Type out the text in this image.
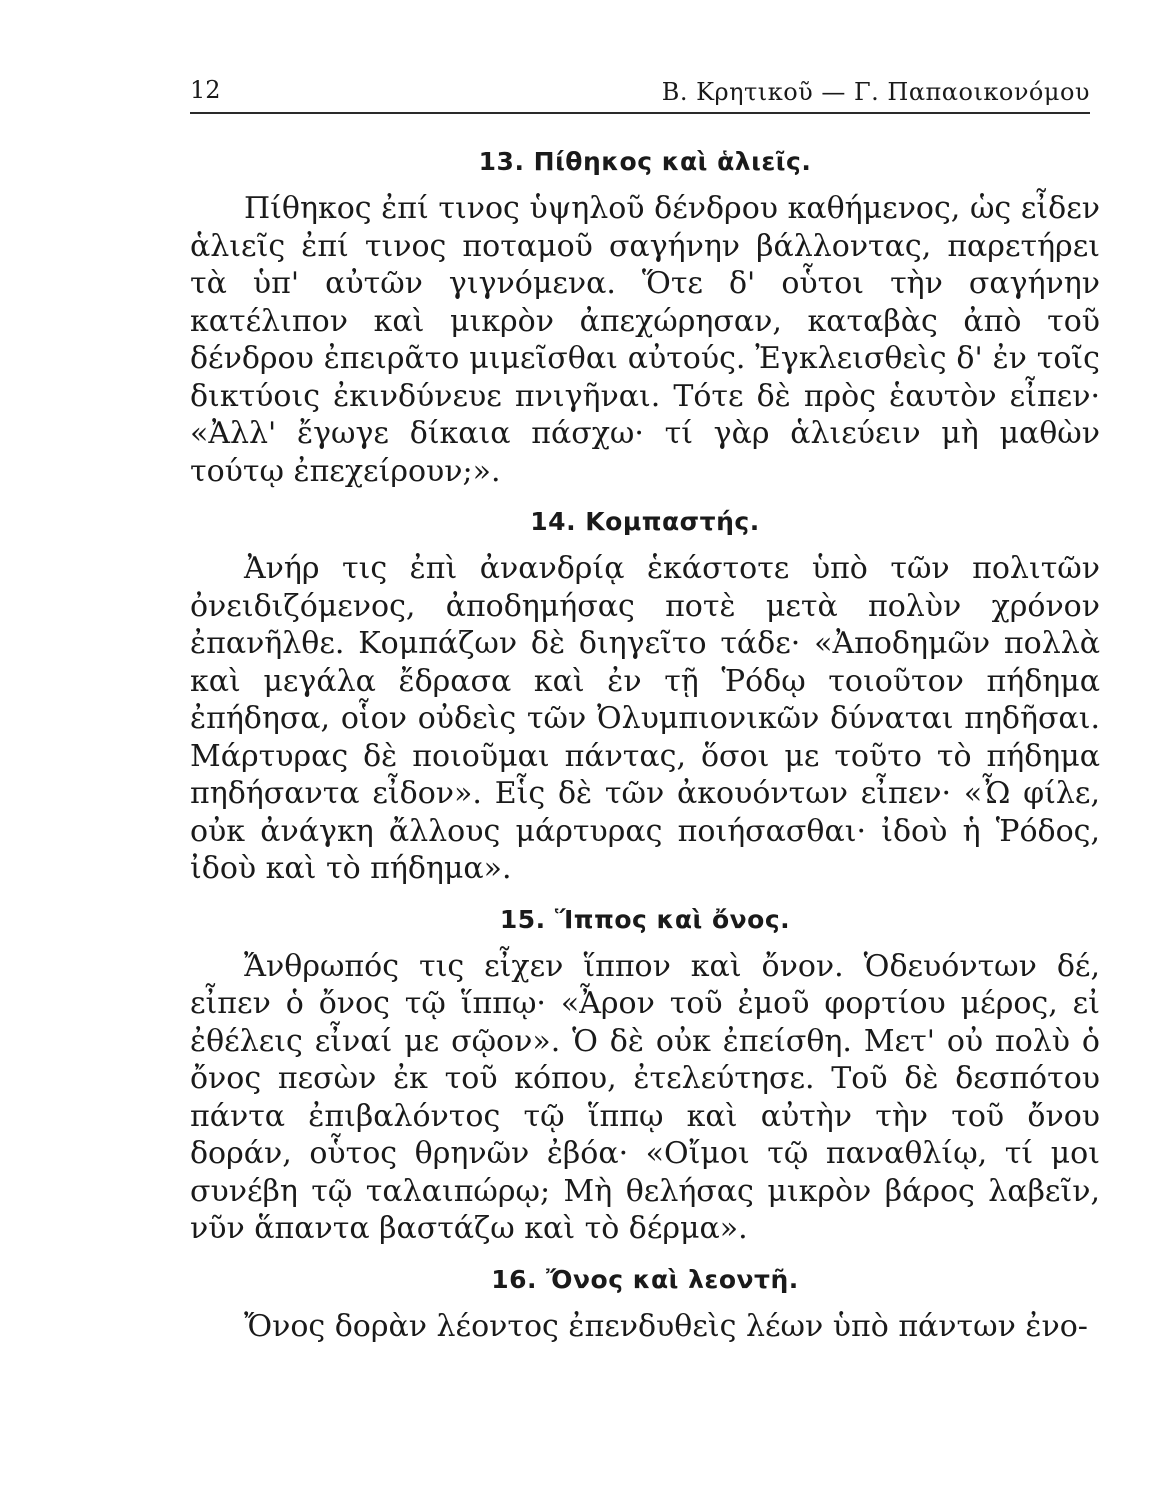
12	Β. Κρητικοῦ — Γ. Παπαοικονόμου
13. Πίθηκος καὶ ἁλιεῖς.

Πίθηκος ἐπί τινος ὑψηλοῦ δένδρου καθήμενος, ὡς εἶδεν ἁλιεῖς ἐπί τινος ποταμοῦ σαγήνην βάλλοντας, παρετήρει τὰ ὑπ' αὐτῶν γιγνόμενα. Ὅτε δ' οὗτοι τὴν σαγήνην κατέλιπον καὶ μικρὸν ἀπεχώρησαν, καταβὰς ἀπὸ τοῦ δένδρου ἐπειρᾶτο μιμεῖσθαι αὐτούς. Ἐγκλεισθεὶς δ' ἐν τοῖς δικτύοις ἐκινδύνευε πνιγῆναι. Τότε δὲ πρὸς ἑαυτὸν εἶπεν· «Ἀλλ' ἔγωγε δίκαια πάσχω· τί γὰρ ἁλιεύειν μὴ μαθὼν τούτῳ ἐπεχείρουν;».

14. Κομπαστής.

Ἀνήρ τις ἐπὶ ἀνανδρίᾳ ἑκάστοτε ὑπὸ τῶν πολιτῶν ὀνειδιζόμενος, ἀποδημήσας ποτὲ μετὰ πολὺν χρόνον ἐπανῆλθε. Κομπάζων δὲ διηγεῖτο τάδε· «Ἀποδημῶν πολλὰ καὶ μεγάλα ἔδρασα καὶ ἐν τῇ Ῥόδῳ τοιοῦτον πήδημα ἐπήδησα, οἷον οὐδεὶς τῶν Ὀλυμπιονικῶν δύναται πηδῆσαι. Μάρτυρας δὲ ποιοῦμαι πάντας, ὅσοι με τοῦτο τὸ πήδημα πηδήσαντα εἶδον». Εἷς δὲ τῶν ἀκουόντων εἶπεν· «Ὦ φίλε, οὐκ ἀνάγκη ἄλλους μάρτυρας ποιήσασθαι· ἰδοὺ ἡ Ῥόδος, ἰδοὺ καὶ τὸ πήδημα».

15. Ἵππος καὶ ὄνος.

Ἄνθρωπός τις εἶχεν ἵππον καὶ ὄνον. Ὁδευόντων δέ, εἶπεν ὁ ὄνος τῷ ἵππῳ· «Ἆρον τοῦ ἐμοῦ φορτίου μέρος, εἰ ἐθέλεις εἶναί με σῷον». Ὁ δὲ οὐκ ἐπείσθη. Μετ' οὐ πολὺ ὁ ὄνος πεσὼν ἐκ τοῦ κόπου, ἐτελεύτησε. Τοῦ δὲ δεσπότου πάντα ἐπιβαλόντος τῷ ἵππῳ καὶ αὐτὴν τὴν τοῦ ὄνου δοράν, οὗτος θρηνῶν ἐβόα· «Οἴμοι τῷ παναθλίῳ, τί μοι συνέβη τῷ ταλαιπώρῳ; Μὴ θελήσας μικρὸν βάρος λαβεῖν, νῦν ἅπαντα βαστάζω καὶ τὸ δέρμα».

16. Ὄνος καὶ λεοντῆ.

Ὄνος δορὰν λέοντος ἐπενδυθεὶς λέων ὑπὸ πάντων ἐνο-
